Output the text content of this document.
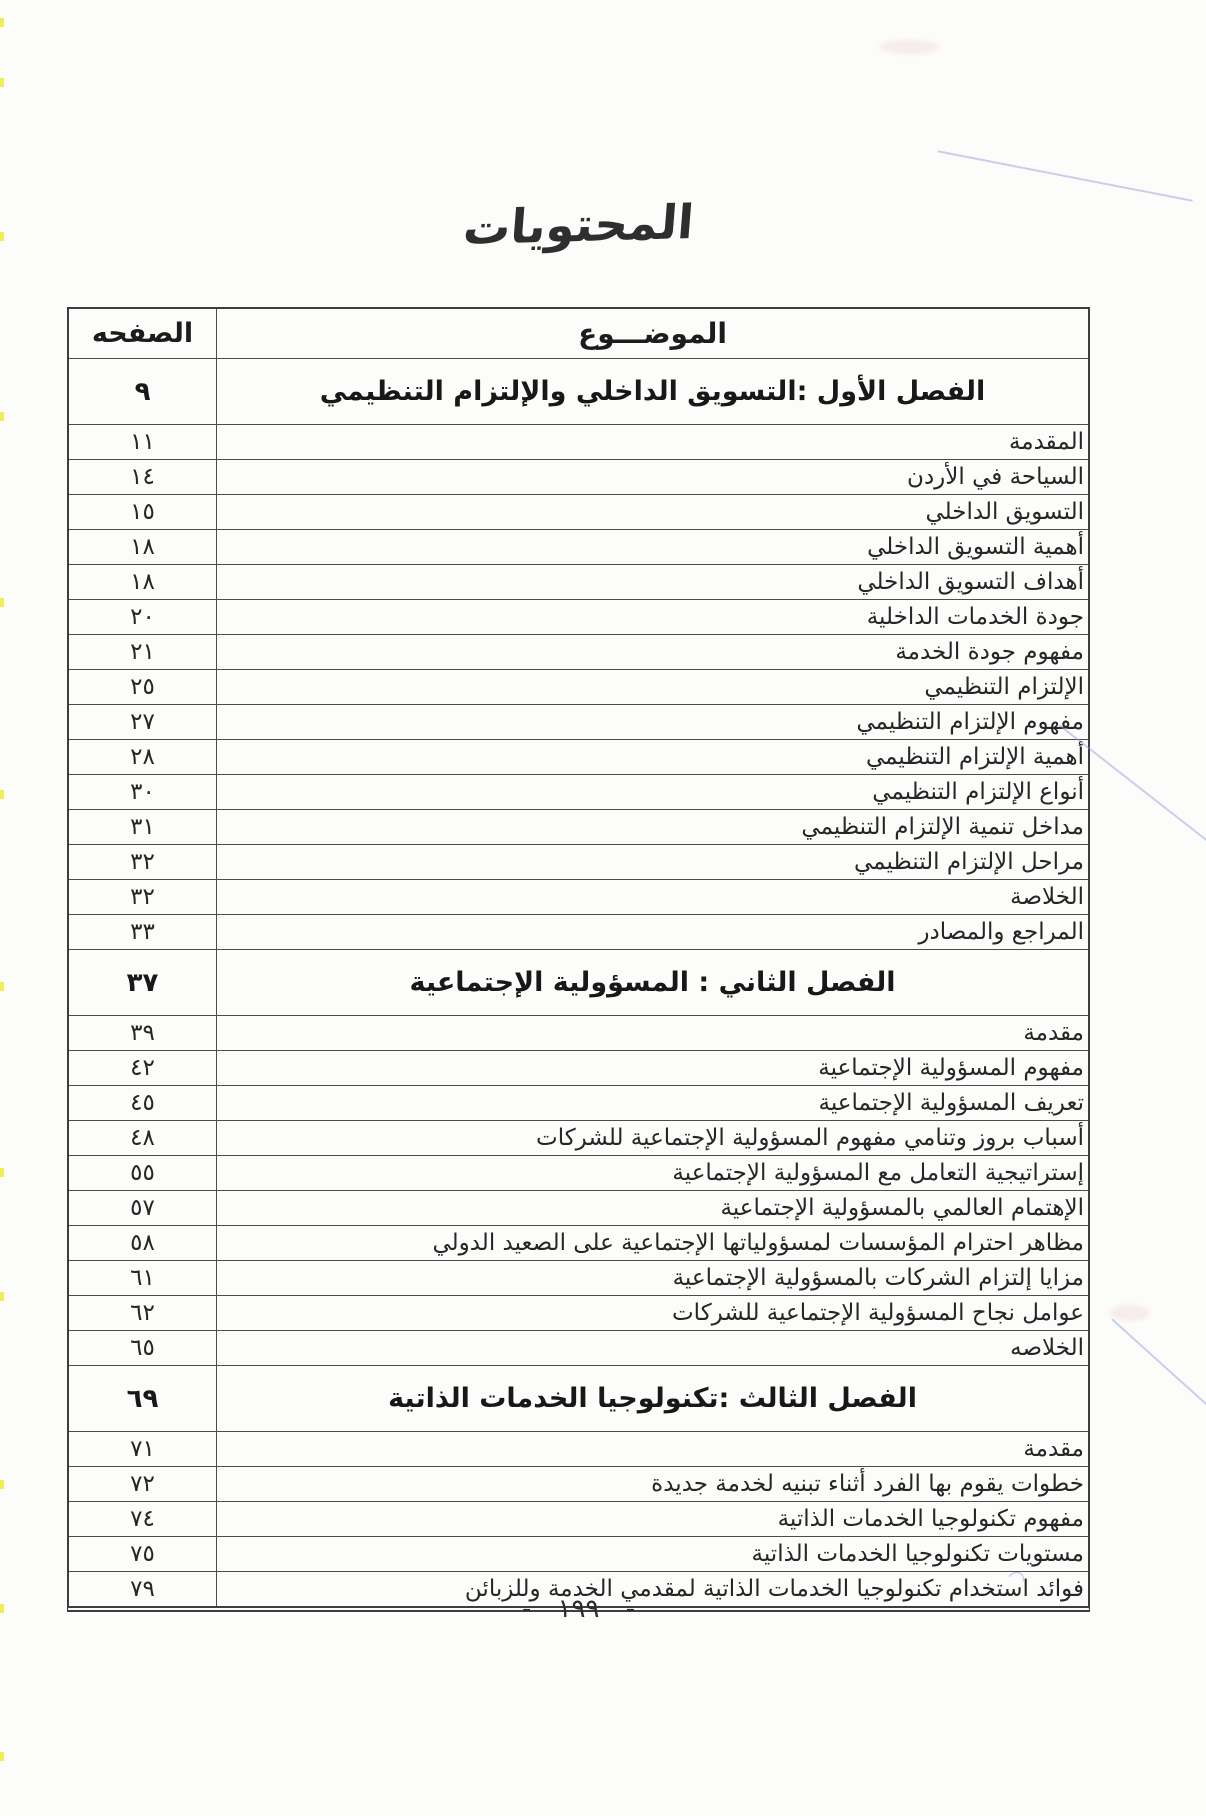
المحتويات
الصفحه	الموضـــوع
٩	الفصل الأول :التسويق الداخلي والإلتزام التنظيمي
١١	المقدمة
١٤	السياحة في الأردن
١٥	التسويق الداخلي
١٨	أهمية التسويق الداخلي
١٨	أهداف التسويق الداخلي
٢٠	جودة الخدمات الداخلية
٢١	مفهوم جودة الخدمة
٢٥	الإلتزام التنظيمي
٢٧	مفهوم الإلتزام التنظيمي
٢٨	أهمية الإلتزام التنظيمي
٣٠	أنواع الإلتزام التنظيمي
٣١	مداخل تنمية الإلتزام التنظيمي
٣٢	مراحل الإلتزام التنظيمي
٣٢	الخلاصة
٣٣	المراجع والمصادر
٣٧	الفصل الثاني : المسؤولية الإجتماعية
٣٩	مقدمة
٤٢	مفهوم المسؤولية الإجتماعية
٤٥	تعريف المسؤولية الإجتماعية
٤٨	أسباب بروز وتنامي مفهوم المسؤولية الإجتماعية للشركات
٥٥	إستراتيجية التعامل مع المسؤولية الإجتماعية
٥٧	الإهتمام العالمي بالمسؤولية الإجتماعية
٥٨	مظاهر احترام المؤسسات لمسؤولياتها الإجتماعية على الصعيد الدولي
٦١	مزايا إلتزام الشركات بالمسؤولية الإجتماعية
٦٢	عوامل نجاح المسؤولية الإجتماعية للشركات
٦٥	الخلاصه
٦٩	الفصل الثالث :تكنولوجيا الخدمات الذاتية
٧١	مقدمة
٧٢	خطوات يقوم بها الفرد أثناء تبنيه لخدمة جديدة
٧٤	مفهوم تكنولوجيا الخدمات الذاتية
٧٥	مستويات تكنولوجيا الخدمات الذاتية
٧٩	فوائد استخدام تكنولوجيا الخدمات الذاتية لمقدمي الخدمة وللزبائن
- ١٩٩ -
